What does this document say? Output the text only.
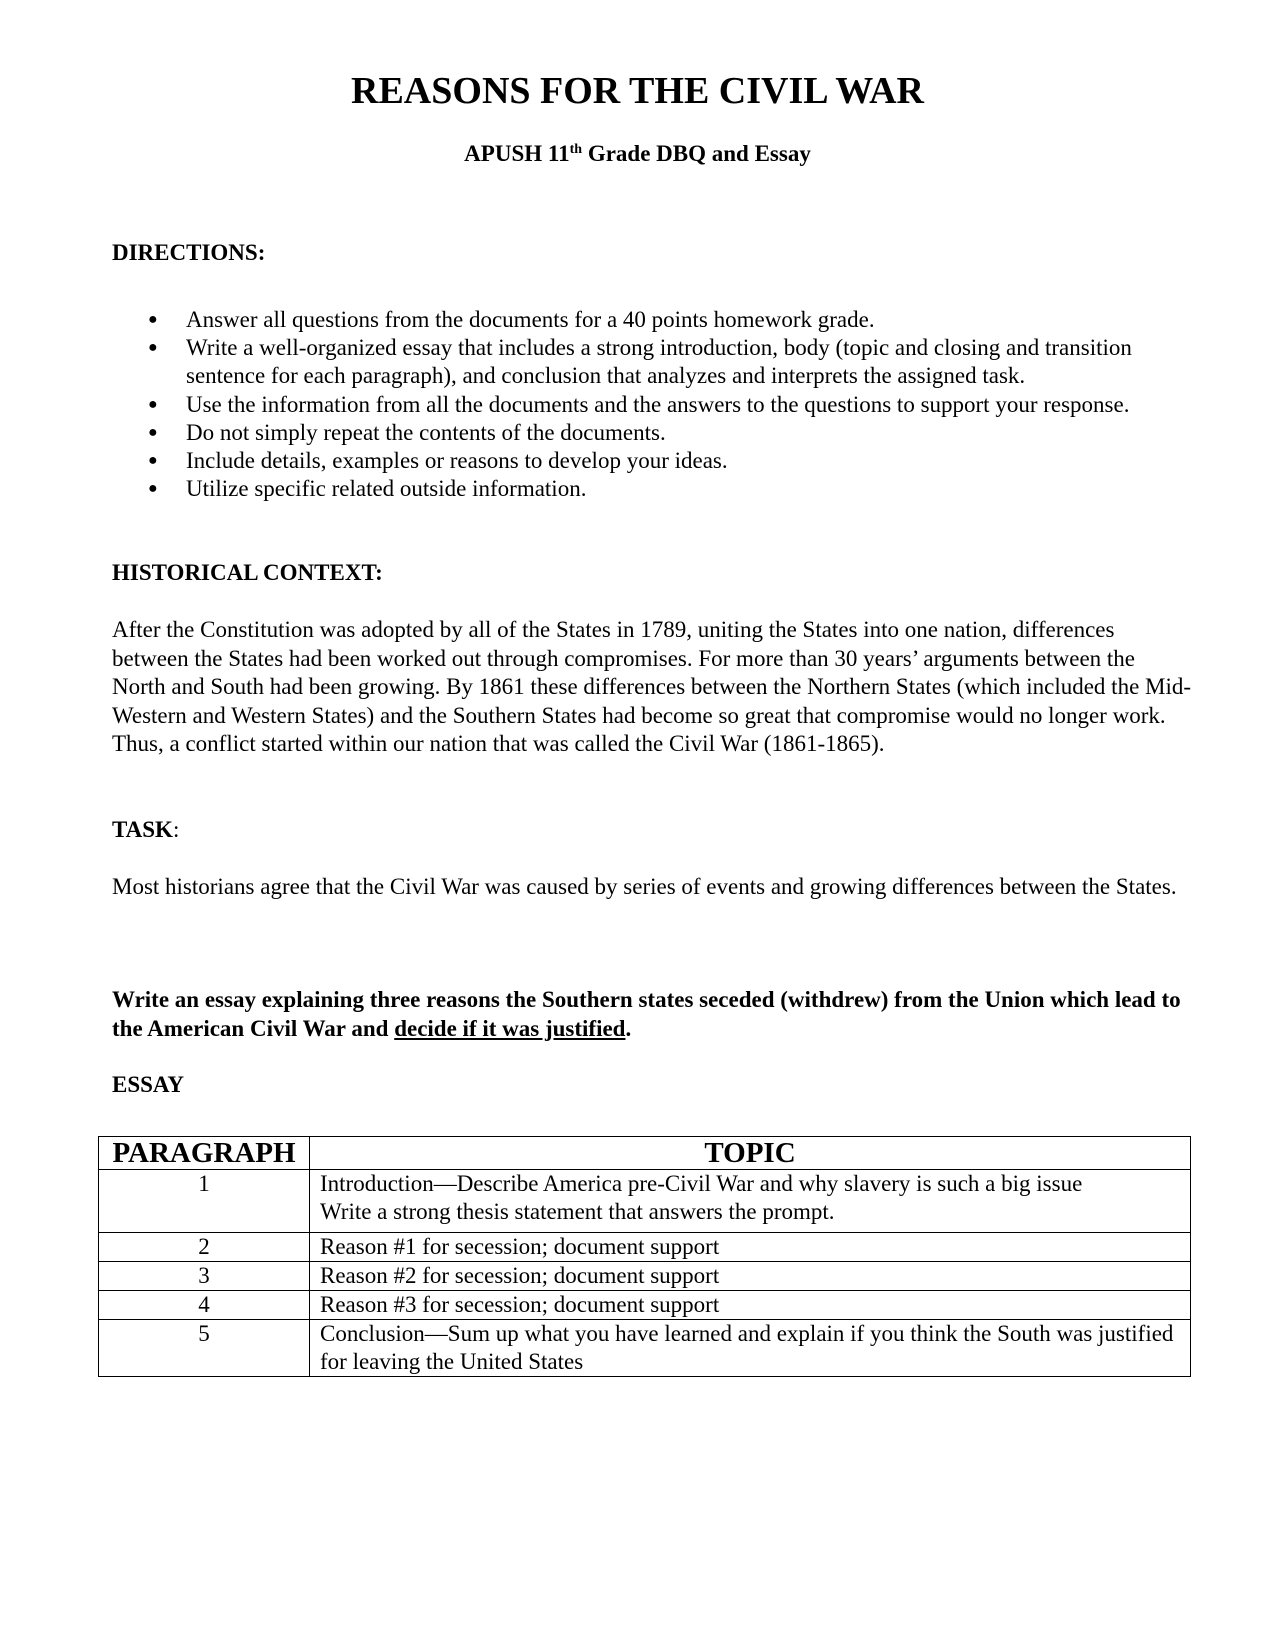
REASONS FOR THE CIVIL WAR
APUSH 11th Grade DBQ and Essay
DIRECTIONS:
● Answer all questions from the documents for a 40 points homework grade.
● Write a well-organized essay that includes a strong introduction, body (topic and closing and transition sentence for each paragraph), and conclusion that analyzes and interprets the assigned task.
● Use the information from all the documents and the answers to the questions to support your response.
● Do not simply repeat the contents of the documents.
● Include details, examples or reasons to develop your ideas.
● Utilize specific related outside information.
HISTORICAL CONTEXT:

After the Constitution was adopted by all of the States in 1789, uniting the States into one nation, differences between the States had been worked out through compromises. For more than 30 years’ arguments between the North and South had been growing. By 1861 these differences between the Northern States (which included the Mid-Western and Western States) and the Southern States had become so great that compromise would no longer work. Thus, a conflict started within our nation that was called the Civil War (1861-1865).

TASK:

Most historians agree that the Civil War was caused by series of events and growing differences between the States.

Write an essay explaining three reasons the Southern states seceded (withdrew) from the Union which lead to the American Civil War and decide if it was justified.

ESSAY
PARAGRAPH	TOPIC
1	Introduction—Describe America pre-Civil War and why slavery is such a big issue
Write a strong thesis statement that answers the prompt.

2	Reason #1 for secession; document support
3	Reason #2 for secession; document support
4	Reason #3 for secession; document support
5	Conclusion—Sum up what you have learned and explain if you think the South was justified for leaving the United States
